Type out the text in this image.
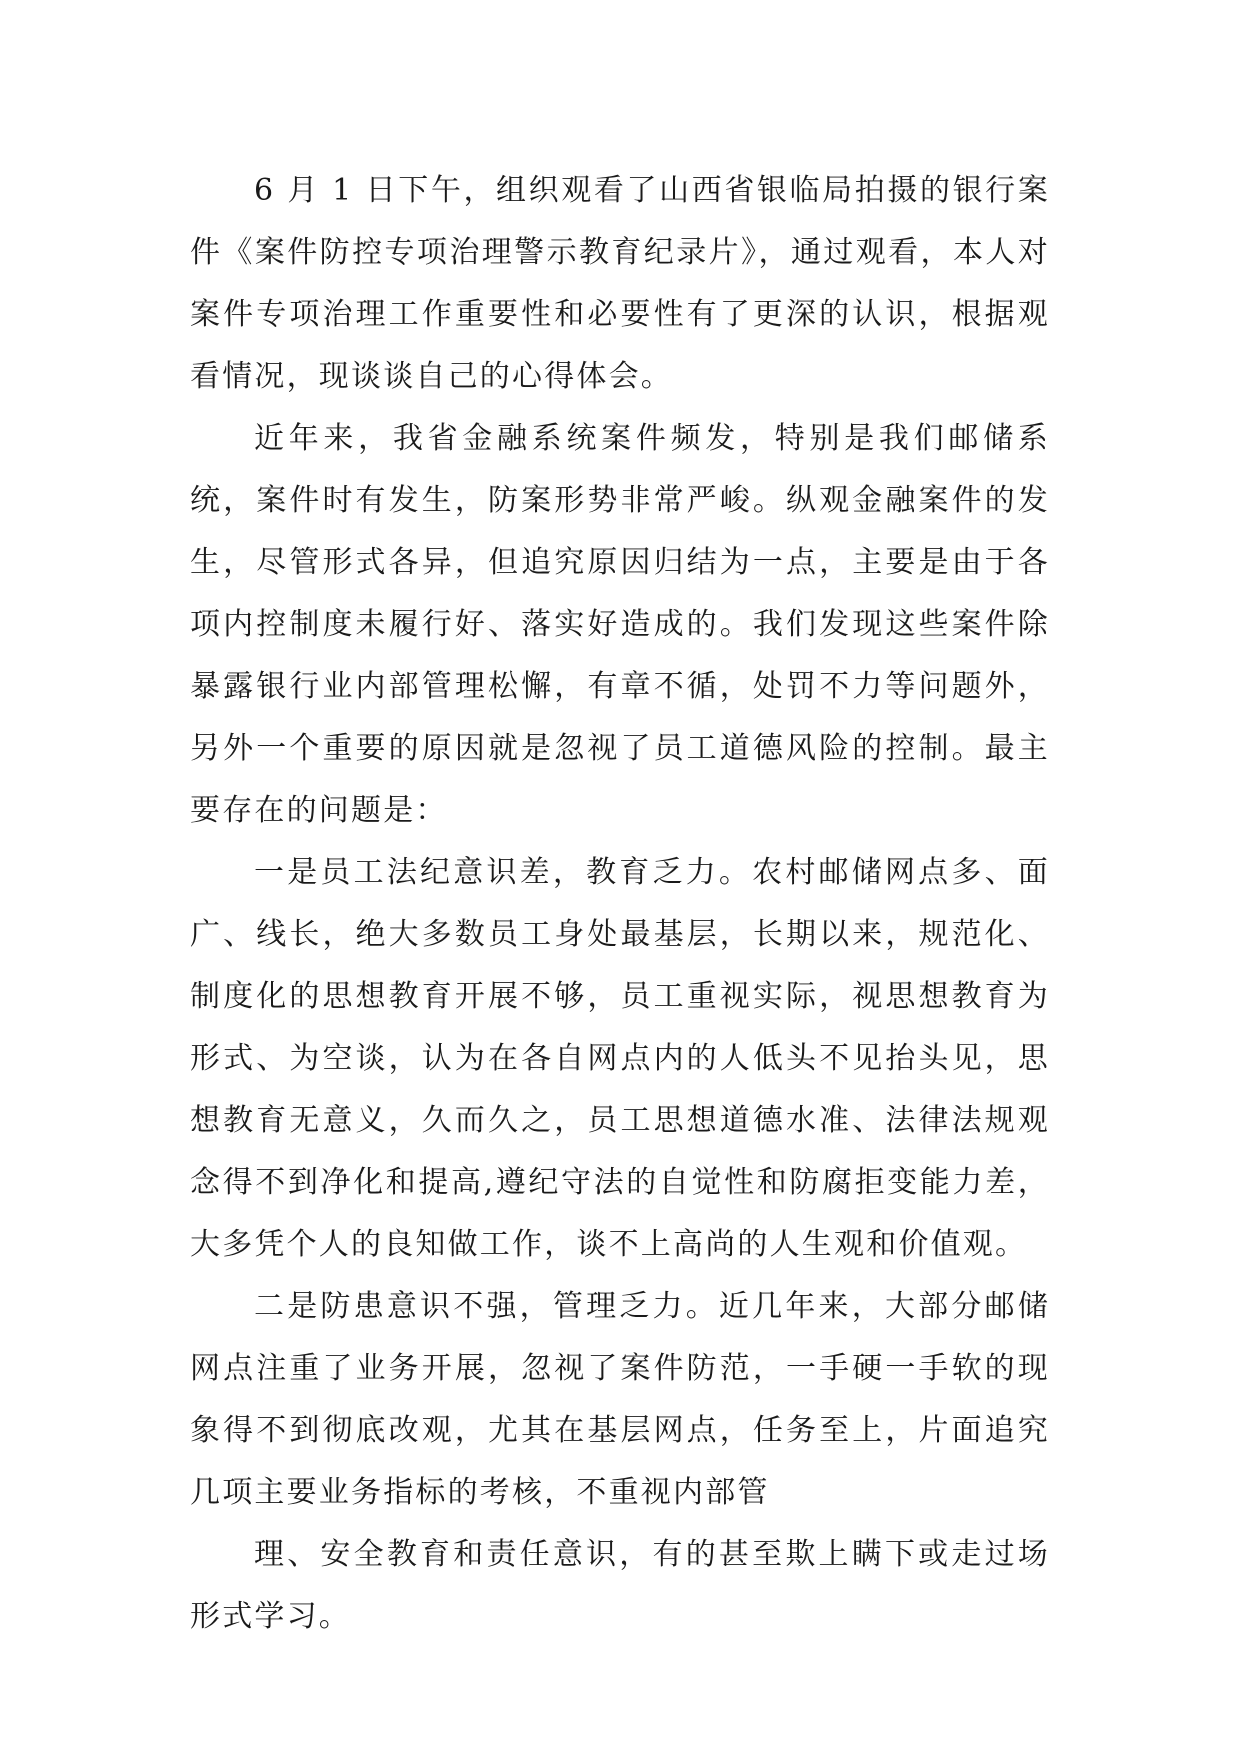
6 月 1 日下午，组织观看了山西省银临局拍摄的银行案件《案件防控专项治理警示教育纪录片》，通过观看，本人对案件专项治理工作重要性和必要性有了更深的认识，根据观看情况，现谈谈自己的心得体会。

近年来，我省金融系统案件频发，特别是我们邮储系统，案件时有发生，防案形势非常严峻。纵观金融案件的发生，尽管形式各异，但追究原因归结为一点，主要是由于各项内控制度未履行好、落实好造成的。我们发现这些案件除暴露银行业内部管理松懈，有章不循，处罚不力等问题外，另外一个重要的原因就是忽视了员工道德风险的控制。最主要存在的问题是：

一是员工法纪意识差，教育乏力。农村邮储网点多、面广、线长，绝大多数员工身处最基层，长期以来，规范化、制度化的思想教育开展不够，员工重视实际，视思想教育为形式、为空谈，认为在各自网点内的人低头不见抬头见，思想教育无意义，久而久之，员工思想道德水准、法律法规观念得不到净化和提高,遵纪守法的自觉性和防腐拒变能力差，大多凭个人的良知做工作，谈不上高尚的人生观和价值观。

二是防患意识不强，管理乏力。近几年来，大部分邮储网点注重了业务开展，忽视了案件防范，一手硬一手软的现象得不到彻底改观，尤其在基层网点，任务至上，片面追究几项主要业务指标的考核，不重视内部管

理、安全教育和责任意识，有的甚至欺上瞒下或走过场形式学习。
